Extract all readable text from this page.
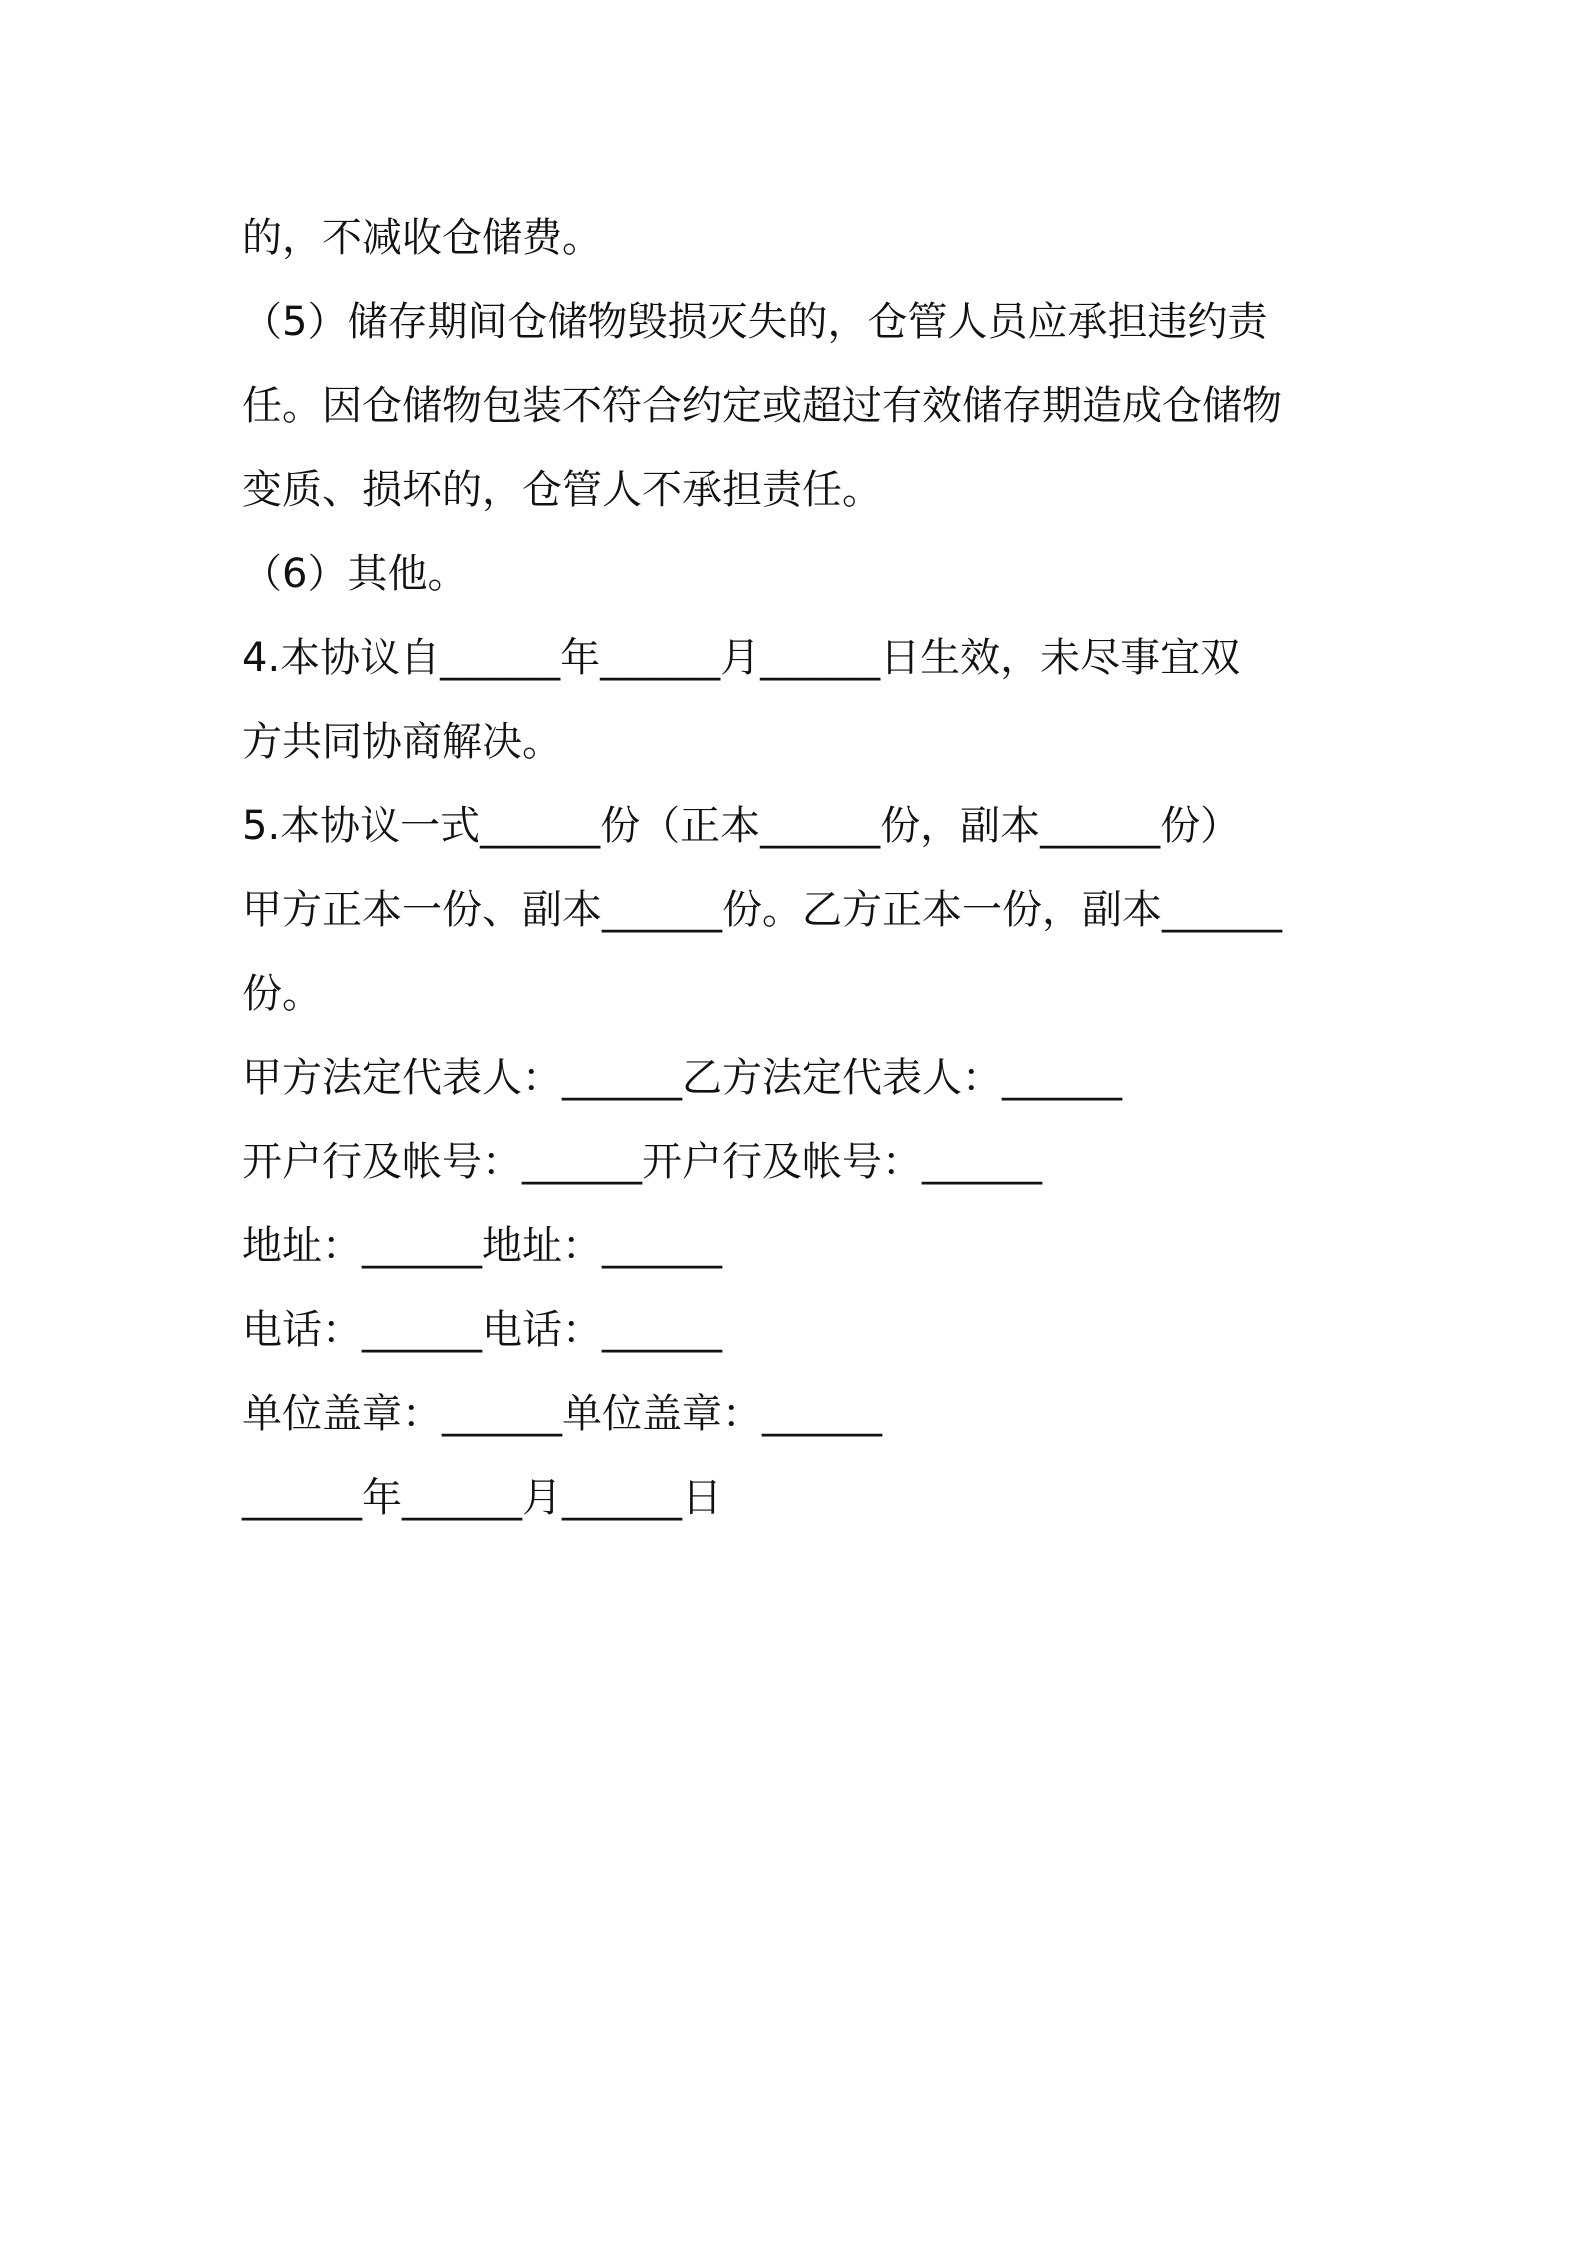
的，不减收仓储费。
（5）储存期间仓储物毁损灭失的，仓管人员应承担违约责
任。因仓储物包装不符合约定或超过有效储存期造成仓储物
变质、损坏的，仓管人不承担责任。
（6）其他。
4.本协议自______年______月______日生效，未尽事宜双
方共同协商解决。
5.本协议一式______份（正本______份，副本______份）
甲方正本一份、副本______份。乙方正本一份，副本______
份。
甲方法定代表人：______乙方法定代表人：______
开户行及帐号：______开户行及帐号：______
地址：______地址：______
电话：______电话：______
单位盖章：______单位盖章：______
______年______月______日
